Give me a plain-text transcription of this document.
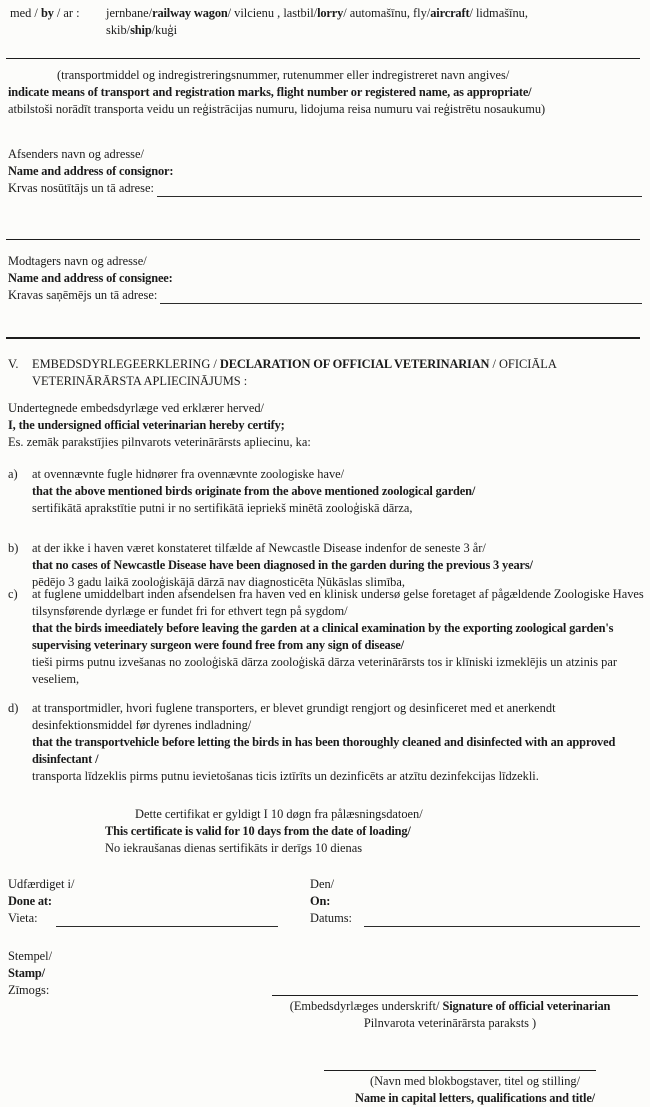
med / by / ar :	jernbane/railway wagon/ vilcienu , lastbil/lorry/ automašīnu, fly/aircraft/ lidmašīnu,
skib/ship/kuģi
(transportmiddel og indregistreringsnummer, rutenummer eller indregistreret navn angives/
indicate means of transport and registration marks, flight number or registered name, as appropriate/
atbilstoši norādīt transporta veidu un reģistrācijas numuru, lidojuma reisa numuru vai reģistrētu nosaukumu)
Afsenders navn og adresse/
Name and address of consignor:
Krvas nosūtītājs un tā adrese:
Modtagers navn og adresse/
Name and address of consignee:
Kravas saņēmējs un tā adrese:
V.	EMBEDSDYRLEGEERKLERING / DECLARATION OF OFFICIAL VETERINARIAN / OFICIĀLA VETERINĀRĀRSTA APLIECINĀJUMS :
Undertegnede embedsdyrlæge ved erklærer herved/
I, the undersigned official veterinarian hereby certify;
Es. zemāk parakstījies pilnvarots veterinārārsts apliecinu, ka:
a)	at ovennævnte fugle hidnører fra ovennævnte zoologiske have/
that the above mentioned birds originate from the above mentioned zoological garden/
sertifikātā aprakstītie putni ir no sertifikātā iepriekš minētā zooloģiskā dārza,
b)	at der ikke i haven været konstateret tilfælde af Newcastle Disease indenfor de seneste 3 år/
that no cases of Newcastle Disease have been diagnosed in the garden during the previous 3 years/
pēdējo 3 gadu laikā zooloģiskājā dārzā nav diagnosticēta Ņūkāslas slimība,
c)	at fuglene umiddelbart inden afsendelsen fra haven ved en klinisk undersø gelse foretaget af pågældende Zoologiske Haves tilsynsførende dyrlæge er fundet fri for ethvert tegn på sygdom/
that the birds imeediately before leaving the garden at a clinical examination by the exporting zoological garden's supervising veterinary surgeon were found free from any sign of disease/
tieši pirms putnu izvešanas no zooloģiskā dārza zooloģiskā dārza veterinārārsts tos ir klīniski izmeklējis un atzinis par veseliem,
d)	at transportmidler, hvori fuglene transporters, er blevet grundigt rengjort og desinficeret med et anerkendt desinfektionsmiddel før dyrenes indladning/
that the transportvehicle before letting the birds in has been thoroughly cleaned and disinfected with an approved disinfectant /
transporta līdzeklis pirms putnu ievietošanas ticis iztīrīts un dezinficēts ar atzītu dezinfekcijas līdzekli.
Dette certifikat er gyldigt I 10 døgn fra pålæsningsdatoen/
This certificate is valid for 10 days from the date of loading/
No iekraušanas dienas sertifikāts ir derīgs 10 dienas
Udfærdiget i/
Done at:
Vieta:
Den/
On:
Datums:
Stempel/
Stamp/
Zīmogs:
(Embedsdyrlæges underskrift/ Signature of official veterinarian
Pilnvarota veterinārārsta paraksts )
(Navn med blokbogstaver, titel og stilling/
Name in capital letters, qualifications and title/
